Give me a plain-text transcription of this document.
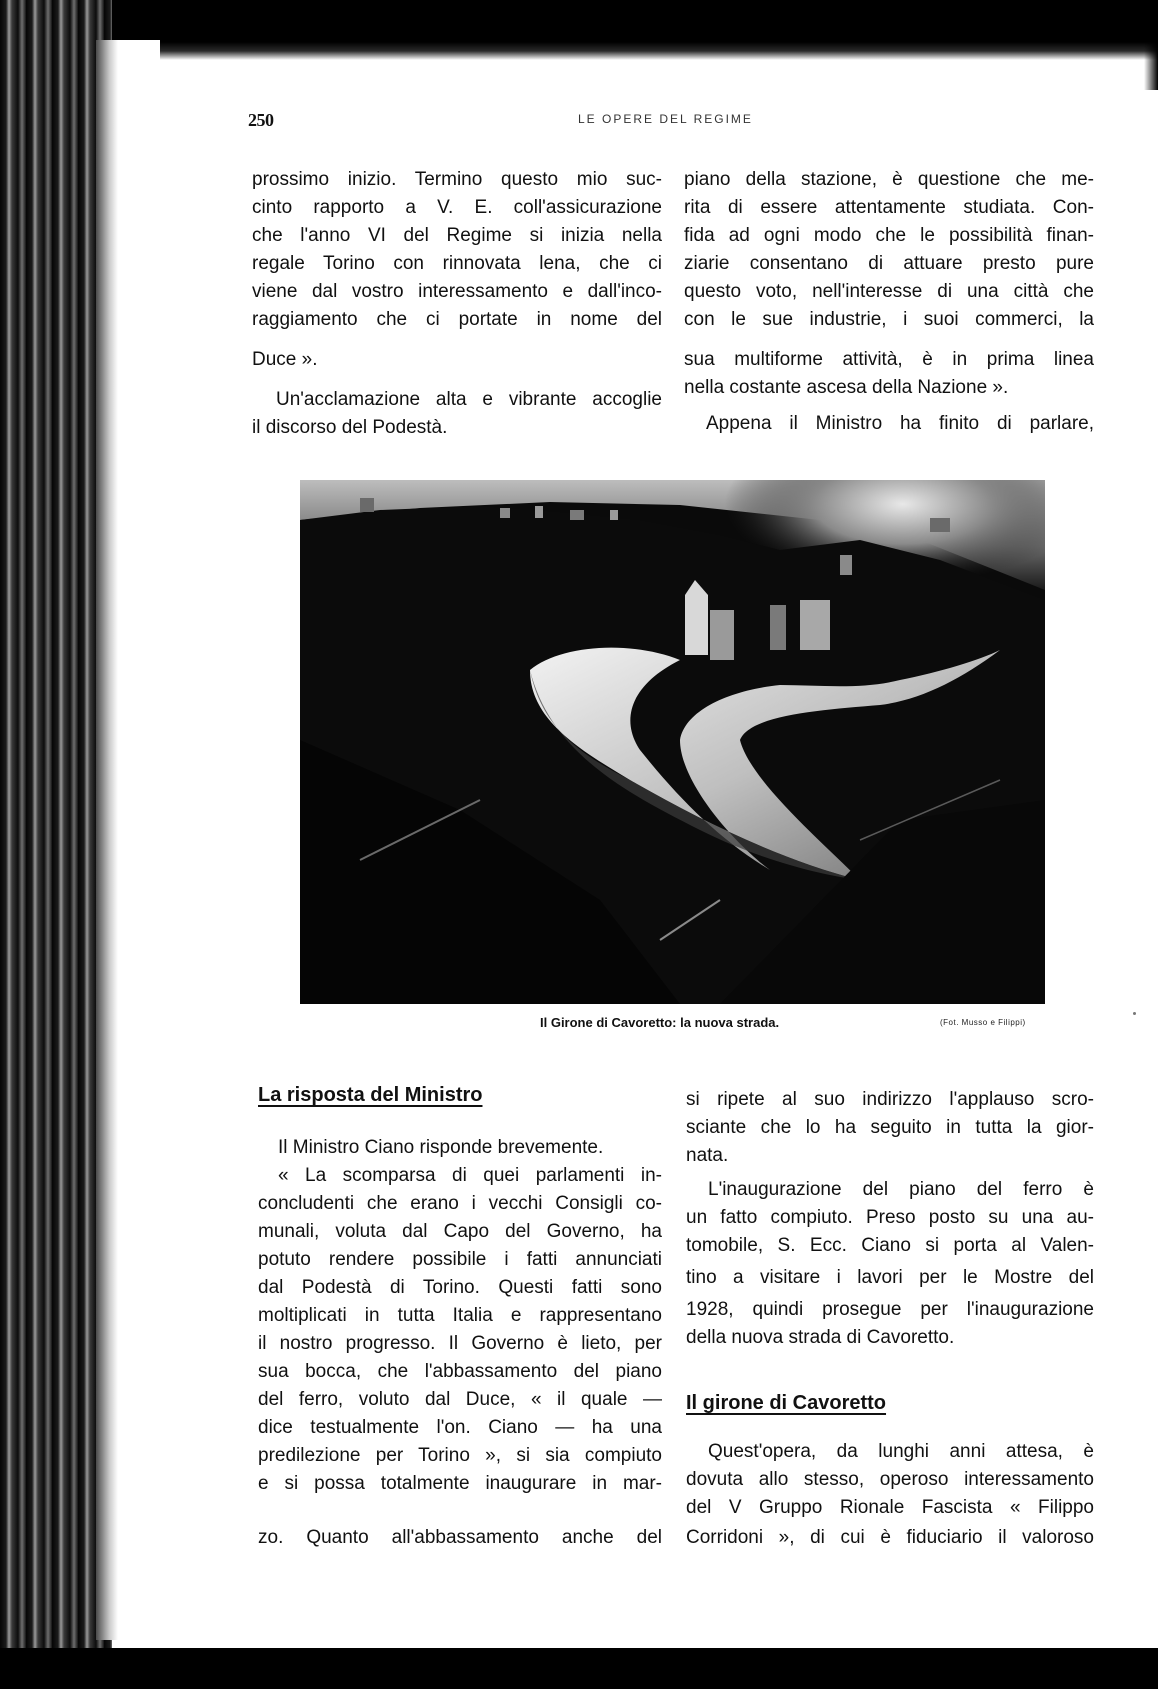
250	LE OPERE DEL REGIME
prossimo inizio. Termino questo mio suc-
cinto rapporto a V. E. coll'assicurazione
che l'anno VI del Regime si inizia nella
regale Torino con rinnovata lena, che ci
viene dal vostro interessamento e dall'inco-
raggiamento che ci portate in nome del
Duce ».
Un'acclamazione alta e vibrante accoglie
il discorso del Podestà.
piano della stazione, è questione che me-
rita di essere attentamente studiata. Con-
fida ad ogni modo che le possibilità finan-
ziarie consentano di attuare presto pure
questo voto, nell'interesse di una città che
con le sue industrie, i suoi commerci, la
sua multiforme attività, è in prima linea
nella costante ascesa della Nazione ».
Appena il Ministro ha finito di parlare,
Il Girone di Cavoretto: la nuova strada.	(Fot. Musso e Filippi)
La risposta del Ministro
Il Ministro Ciano risponde brevemente.
« La scomparsa di quei parlamenti in-
concludenti che erano i vecchi Consigli co-
munali, voluta dal Capo del Governo, ha
potuto rendere possibile i fatti annunciati
dal Podestà di Torino. Questi fatti sono
moltiplicati in tutta Italia e rappresentano
il nostro progresso. Il Governo è lieto, per
sua bocca, che l'abbassamento del piano
del ferro, voluto dal Duce, « il quale —
dice testualmente l'on. Ciano — ha una
predilezione per Torino », si sia compiuto
e si possa totalmente inaugurare in mar-
zo. Quanto all'abbassamento anche del
si ripete al suo indirizzo l'applauso scro-
sciante che lo ha seguito in tutta la gior-
nata.
L'inaugurazione del piano del ferro è
un fatto compiuto. Preso posto su una au-
tomobile, S. Ecc. Ciano si porta al Valen-
tino a visitare i lavori per le Mostre del
1928, quindi prosegue per l'inaugurazione
della nuova strada di Cavoretto.
Il girone di Cavoretto
Quest'opera, da lunghi anni attesa, è
dovuta allo stesso, operoso interessamento
del V Gruppo Rionale Fascista « Filippo
Corridoni », di cui è fiduciario il valoroso
